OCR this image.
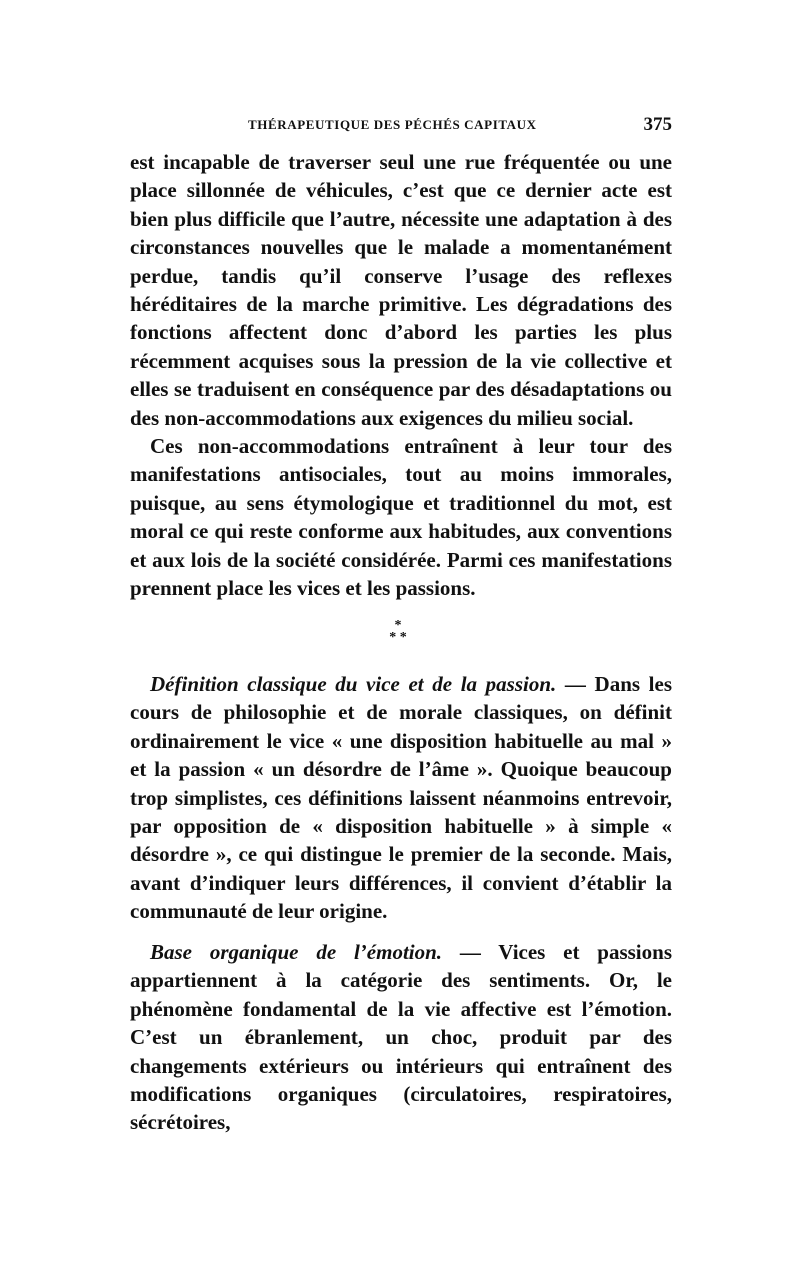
THÉRAPEUTIQUE DES PÉCHÉS CAPITAUX	375

est incapable de traverser seul une rue fréquentée ou une place sillonnée de véhicules, c’est que ce dernier acte est bien plus difficile que l’autre, nécessite une adaptation à des circonstances nouvelles que le malade a momentanément perdue, tandis qu’il conserve l’usage des reflexes héréditaires de la marche primitive. Les dégradations des fonctions affectent donc d’abord les parties les plus récemment acquises sous la pression de la vie collective et elles se traduisent en conséquence par des désadaptations ou des non-accommodations aux exigences du milieu social.

Ces non-accommodations entraînent à leur tour des manifestations antisociales, tout au moins immorales, puisque, au sens étymologique et traditionnel du mot, est moral ce qui reste conforme aux habitudes, aux conventions et aux lois de la société considérée. Parmi ces manifestations prennent place les vices et les passions.

*
* *

Définition classique du vice et de la passion. — Dans les cours de philosophie et de morale classiques, on définit ordinairement le vice « une disposition habituelle au mal » et la passion « un désordre de l’âme ». Quoique beaucoup trop simplistes, ces définitions laissent néanmoins entrevoir, par opposition de « disposition habituelle » à simple « désordre », ce qui distingue le premier de la seconde. Mais, avant d’indiquer leurs différences, il convient d’établir la communauté de leur origine.

Base organique de l’émotion. — Vices et passions appartiennent à la catégorie des sentiments. Or, le phénomène fondamental de la vie affective est l’émotion. C’est un ébranlement, un choc, produit par des changements extérieurs ou intérieurs qui entraînent des modifications organiques (circulatoires, respiratoires, sécrétoires,
